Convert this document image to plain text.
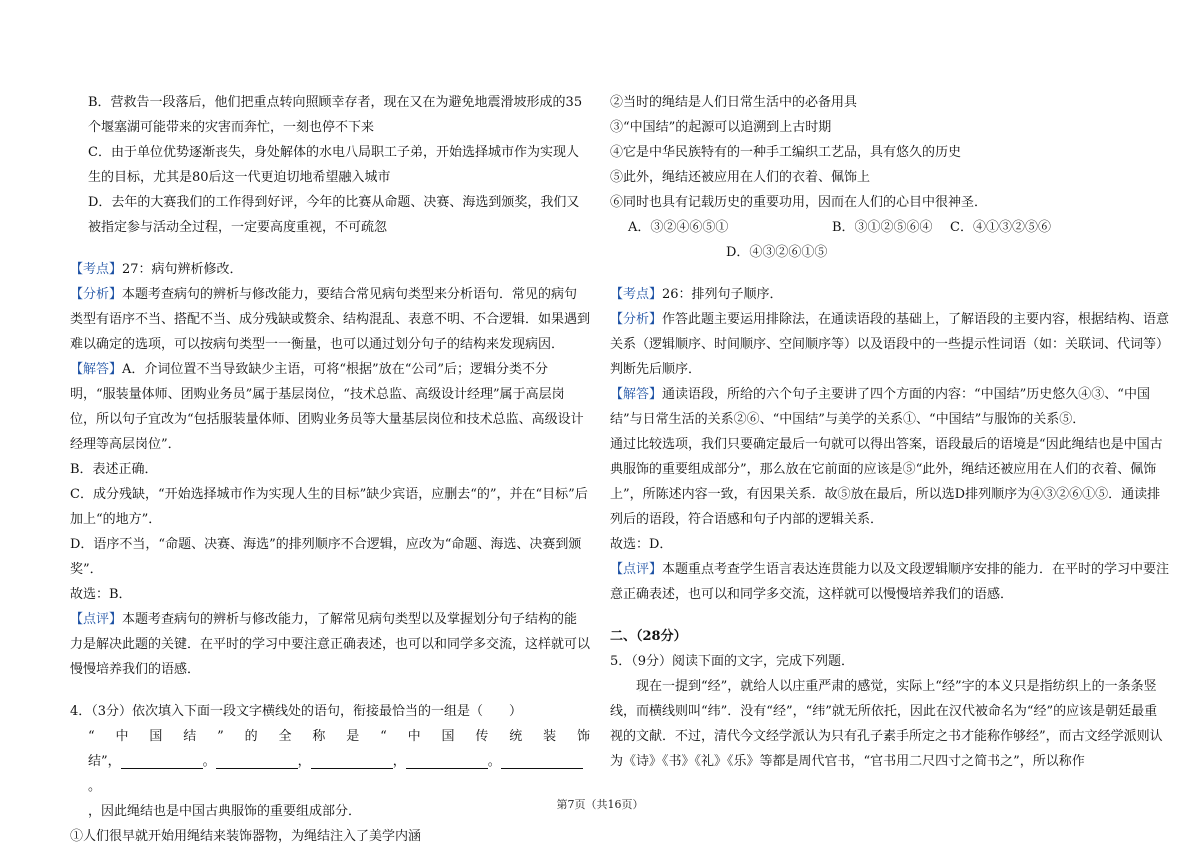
B．营救告一段落后，他们把重点转向照顾幸存者，现在又在为避免地震滑坡形成的35个堰塞湖可能带来的灾害而奔忙，一刻也停不下来

C．由于单位优势逐渐丧失，身处解体的水电八局职工子弟，开始选择城市作为实现人生的目标，尤其是80后这一代更迫切地希望融入城市

D．去年的大赛我们的工作得到好评，今年的比赛从命题、决赛、海选到颁奖，我们又被指定参与活动全过程，一定要高度重视，不可疏忽

【考点】27：病句辨析修改．

【分析】本题考查病句的辨析与修改能力，要结合常见病句类型来分析语句．常见的病句类型有语序不当、搭配不当、成分残缺或赘余、结构混乱、表意不明、不合逻辑．如果遇到难以确定的选项，可以按病句类型一一衡量，也可以通过划分句子的结构来发现病因．

【解答】A．介词位置不当导致缺少主语，可将“根据”放在“公司”后；逻辑分类不分明，“服装量体师、团购业务员”属于基层岗位，“技术总监、高级设计经理”属于高层岗位，所以句子宜改为“包括服装量体师、团购业务员等大量基层岗位和技术总监、高级设计经理等高层岗位”．

B．表述正确．

C．成分残缺，“开始选择城市作为实现人生的目标”缺少宾语，应删去“的”，并在“目标”后加上“的地方”．

D．语序不当，“命题、决赛、海选”的排列顺序不合逻辑，应改为“命题、海选、决赛到颁奖”．

故选：B．

【点评】本题考查病句的辨析与修改能力，了解常见病句类型以及掌握划分句子结构的能力是解决此题的关键．在平时的学习中要注意正确表述，也可以和同学多交流，这样就可以慢慢培养我们的语感．

4．（3分）依次填入下面一段文字横线处的语句，衔接最恰当的一组是（　　）

“中国结”的全称是“中国传统装饰

结”，	。	，	，	。。

，因此绳结也是中国古典服饰的重要组成部分．

①人们很早就开始用绳结来装饰器物，为绳结注入了美学内涵

②当时的绳结是人们日常生活中的必备用具

③“中国结”的起源可以追溯到上古时期

④它是中华民族特有的一种手工编织工艺品，具有悠久的历史

⑤此外，绳结还被应用在人们的衣着、佩饰上

⑥同时也具有记载历史的重要功用，因而在人们的心目中很神圣．

A．③②④⑥⑤①	B．③①②⑤⑥④ C．④①③②⑤⑥

D．④③②⑥①⑤

【考点】26：排列句子顺序．

【分析】作答此题主要运用排除法，在通读语段的基础上，了解语段的主要内容，根据结构、语意关系（逻辑顺序、时间顺序、空间顺序等）以及语段中的一些提示性词语（如：关联词、代词等）判断先后顺序．

【解答】通读语段，所给的六个句子主要讲了四个方面的内容：“中国结”历史悠久④③、“中国结”与日常生活的关系②⑥、“中国结”与美学的关系①、“中国结”与服饰的关系⑤．

通过比较选项，我们只要确定最后一句就可以得出答案，语段最后的语境是“因此绳结也是中国古典服饰的重要组成部分”，那么放在它前面的应该是⑤“此外，绳结还被应用在人们的衣着、佩饰上”，所陈述内容一致，有因果关系．故⑤放在最后，所以选D排列顺序为④③②⑥①⑤．通读排列后的语段，符合语感和句子内部的逻辑关系．

故选：D．

【点评】本题重点考查学生语言表达连贯能力以及文段逻辑顺序安排的能力．在平时的学习中要注意正确表述，也可以和同学多交流，这样就可以慢慢培养我们的语感．

二、（28分）

5．（9分）阅读下面的文字，完成下列题．

现在一提到“经”，就给人以庄重严肃的感觉，实际上“经”字的本义只是指纺织上的一条条竖线，而横线则叫“纬”．没有“经”，“纬”就无所依托，因此在汉代被命名为“经”的应该是朝廷最重视的文献．不过，清代今文经学派认为只有孔子素手所定之书才能称作够经”，而古文经学派则认为《诗》《书》《礼》《乐》等都是周代官书，“官书用二尺四寸之简书之”，所以称作

第7页（共16页）
